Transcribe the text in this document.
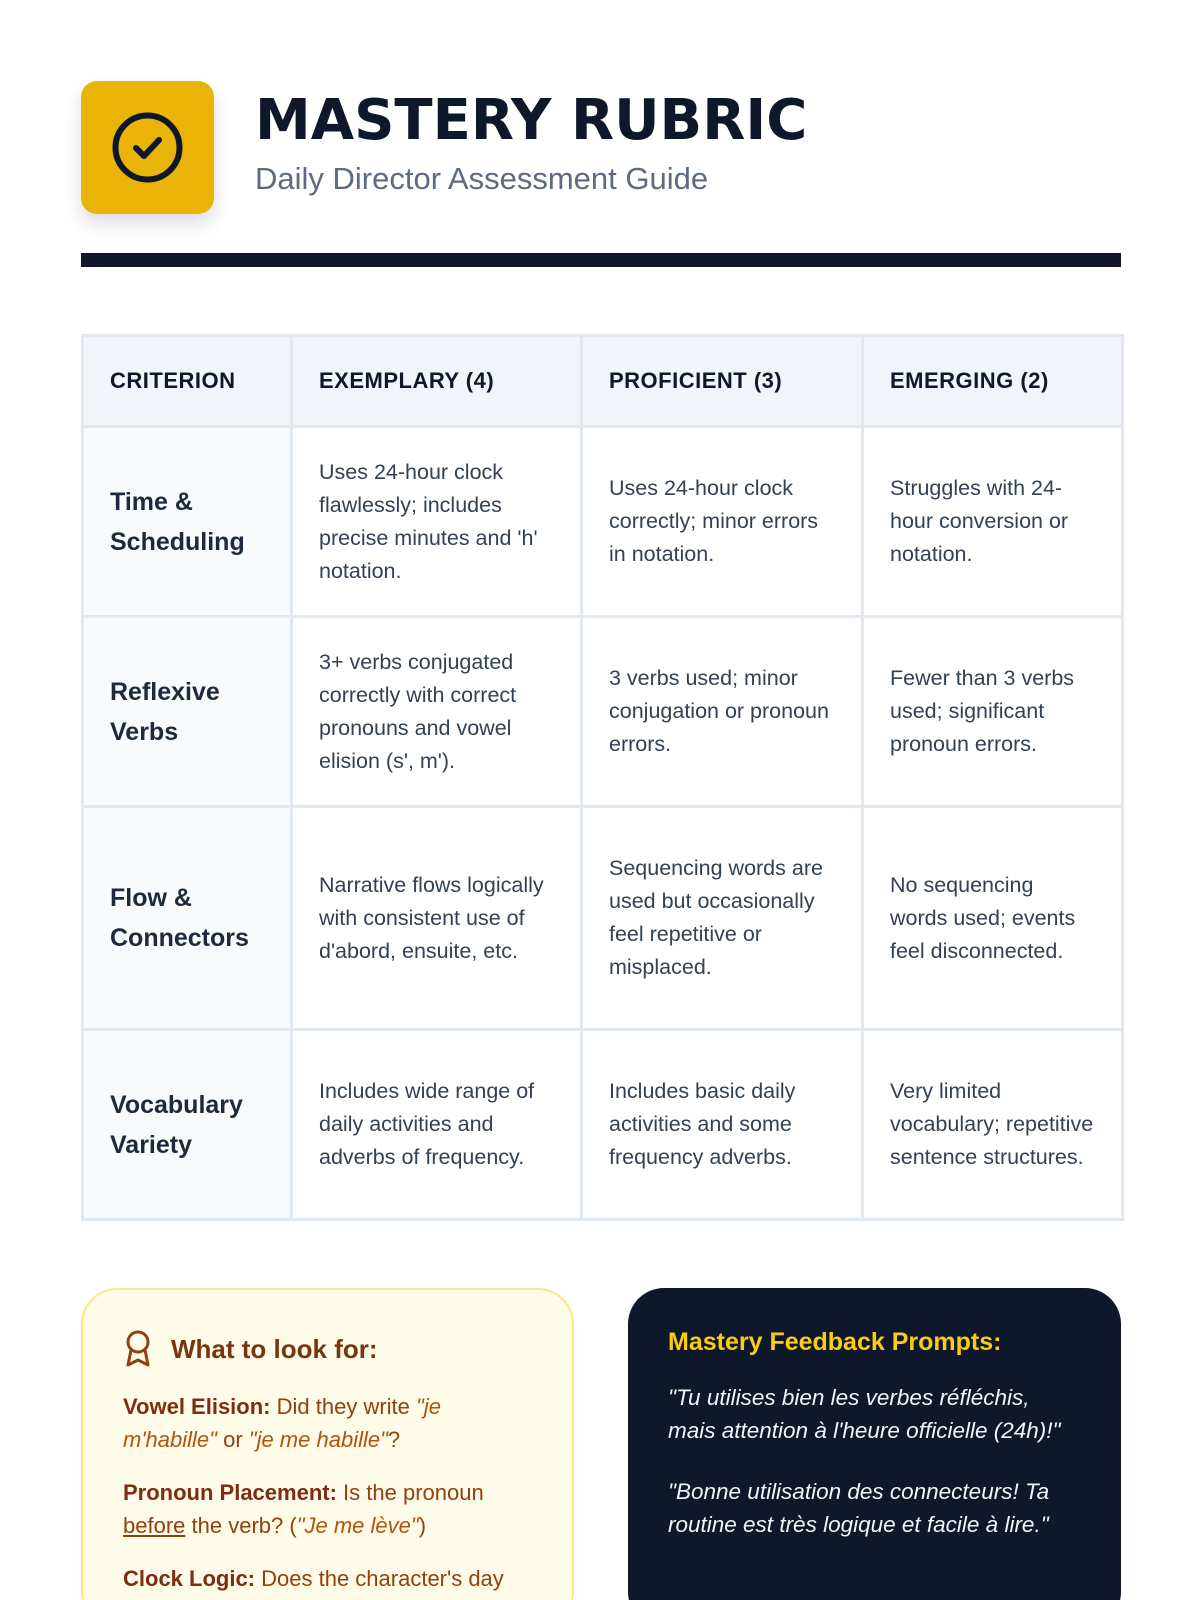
MASTERY RUBRIC
Daily Director Assessment Guide
CRITERION	EXEMPLARY (4)	PROFICIENT (3)	EMERGING (2)
Time & Scheduling	Uses 24-hour clock flawlessly; includes precise minutes and 'h' notation.	Uses 24-hour clock correctly; minor errors in notation.	Struggles with 24-hour conversion or notation.
Reflexive Verbs	3+ verbs conjugated correctly with correct pronouns and vowel elision (s', m').	3 verbs used; minor conjugation or pronoun errors.	Fewer than 3 verbs used; significant pronoun errors.
Flow & Connectors	Narrative flows logically with consistent use of d'abord, ensuite, etc.	Sequencing words are used but occasionally feel repetitive or misplaced.	No sequencing words used; events feel disconnected.
Vocabulary Variety	Includes wide range of daily activities and adverbs of frequency.	Includes basic daily activities and some frequency adverbs.	Very limited vocabulary; repetitive sentence structures.
What to look for:

Vowel Elision: Did they write "je m'habille" or "je me habille"?

Pronoun Placement: Is the pronoun before the verb? ("Je me lève")

Clock Logic: Does the character's day

Mastery Feedback Prompts:

"Tu utilises bien les verbes réfléchis, mais attention à l'heure officielle (24h)!"

"Bonne utilisation des connecteurs! Ta routine est très logique et facile à lire."
